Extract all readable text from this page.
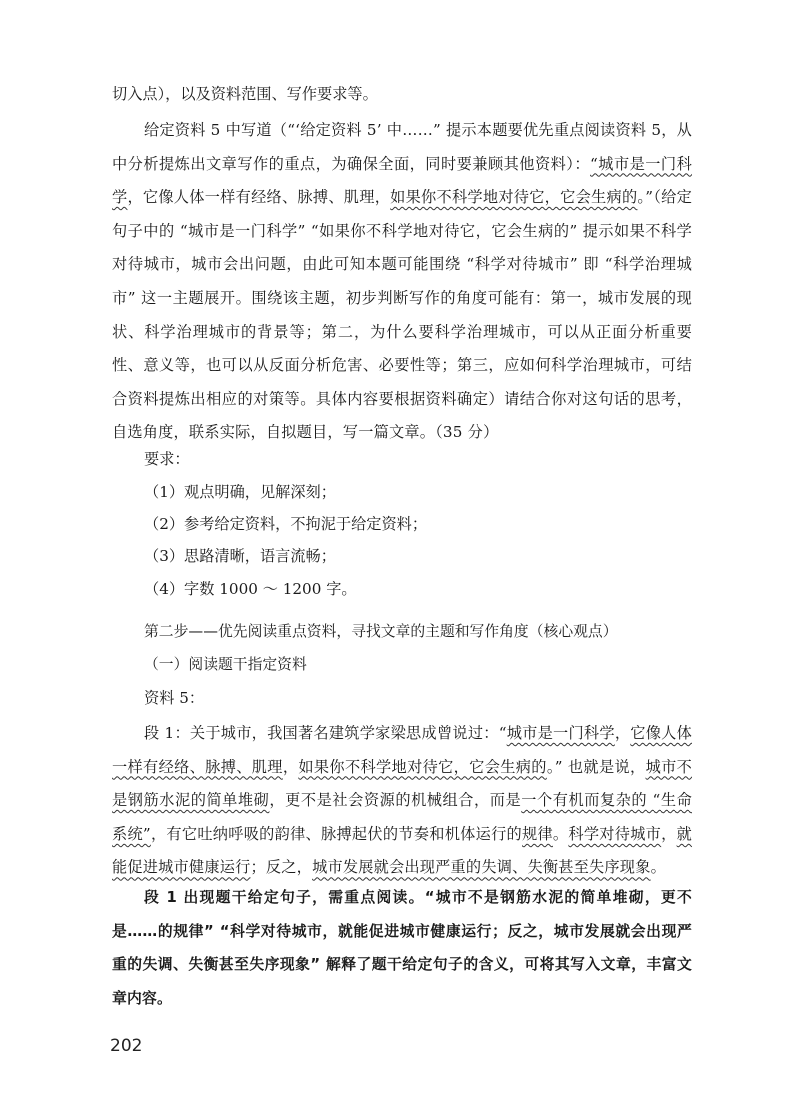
切入点），以及资料范围、写作要求等。
给定资料 5 中写道（“‘给定资料 5’ 中……” 提示本题要优先重点阅读资料 5，从中分析提炼出文章写作的重点，为确保全面，同时要兼顾其他资料）：“城市是一门科学，它像人体一样有经络、脉搏、肌理，如果你不科学地对待它，它会生病的。”（给定句子中的 “城市是一门科学” “如果你不科学地对待它，它会生病的” 提示如果不科学对待城市，城市会出问题，由此可知本题可能围绕 “科学对待城市” 即 “科学治理城市” 这一主题展开。围绕该主题，初步判断写作的角度可能有：第一，城市发展的现状、科学治理城市的背景等；第二，为什么要科学治理城市，可以从正面分析重要性、意义等，也可以从反面分析危害、必要性等；第三，应如何科学治理城市，可结合资料提炼出相应的对策等。具体内容要根据资料确定）请结合你对这句话的思考，自选角度，联系实际，自拟题目，写一篇文章。（35 分）
要求：
（1）观点明确，见解深刻；
（2）参考给定资料，不拘泥于给定资料；
（3）思路清晰，语言流畅；
（4）字数 1000 ～ 1200 字。
第二步——优先阅读重点资料，寻找文章的主题和写作角度（核心观点）
（一）阅读题干指定资料
资料 5：
段 1：关于城市，我国著名建筑学家梁思成曾说过：“城市是一门科学，它像人体一样有经络、脉搏、肌理，如果你不科学地对待它，它会生病的。” 也就是说，城市不是钢筋水泥的简单堆砌，更不是社会资源的机械组合，而是一个有机而复杂的 “生命系统”，有它吐纳呼吸的韵律、脉搏起伏的节奏和机体运行的规律。科学对待城市，就能促进城市健康运行；反之，城市发展就会出现严重的失调、失衡甚至失序现象。
段 1 出现题干给定句子，需重点阅读。“城市不是钢筋水泥的简单堆砌，更不是……的规律” “科学对待城市，就能促进城市健康运行；反之，城市发展就会出现严重的失调、失衡甚至失序现象” 解释了题干给定句子的含义，可将其写入文章，丰富文章内容。
202
